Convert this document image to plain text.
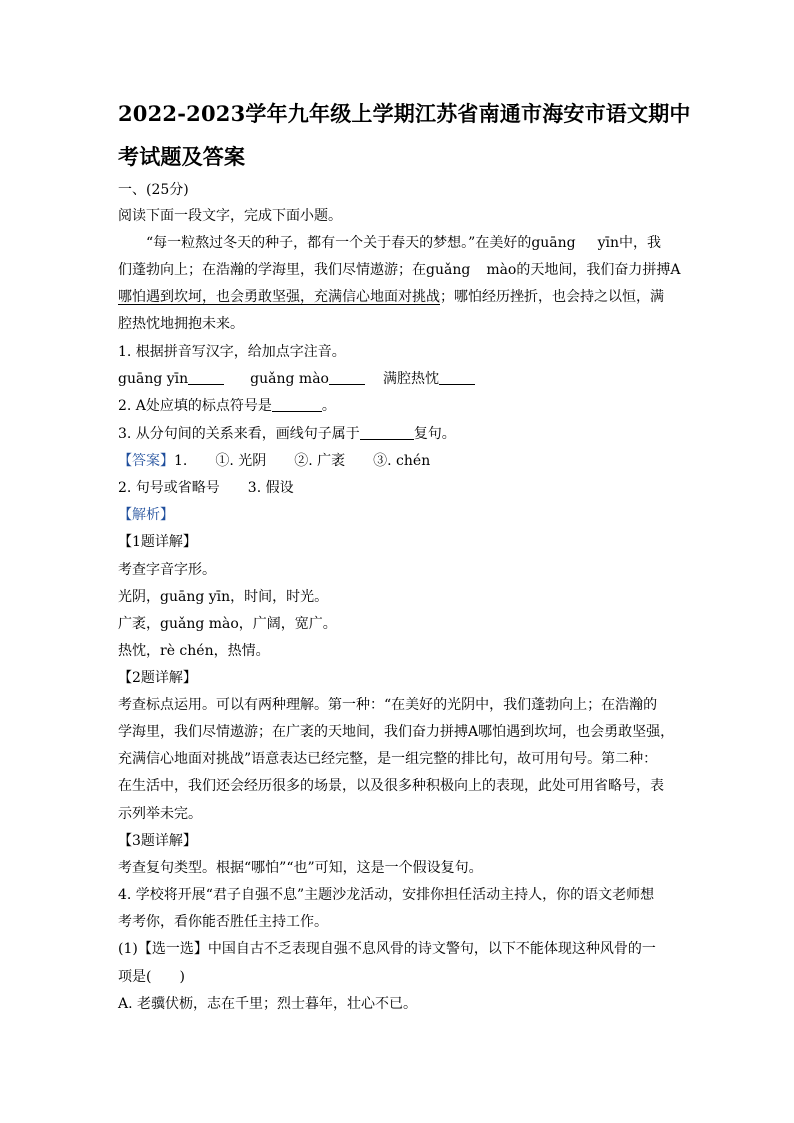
2022-2023学年九年级上学期江苏省南通市海安市语文期中
考试题及答案
一、(25分)
阅读下面一段文字，完成下面小题。
“每一粒熬过冬天的种子，都有一个关于春天的梦想。”在美好的guāng yīn中，我
们蓬勃向上；在浩瀚的学海里，我们尽情遨游；在guǎng mào的天地间，我们奋力拼搏A
哪怕遇到坎坷，也会勇敢坚强，充满信心地面对挑战；哪怕经历挫折，也会持之以恒，满
腔热忱地拥抱未来。
1. 根据拼音写汉字，给加点字注音。
guāng yīn	guǎng mào	满腔热忱
2. A处应填的标点符号是	。
3. 从分句间的关系来看，画线句子属于	复句。
【答案】1.　　①. 光阴　　②. 广袤　　③. chén
2. 句号或省略号　　3. 假设
【解析】
【1题详解】
考查字音字形。
光阴，guāng yīn，时间，时光。
广袤，guǎng mào，广阔，宽广。
热忱，rè chén，热情。
【2题详解】
考查标点运用。可以有两种理解。第一种：“在美好的光阴中，我们蓬勃向上；在浩瀚的
学海里，我们尽情遨游；在广袤的天地间，我们奋力拼搏A哪怕遇到坎坷，也会勇敢坚强，
充满信心地面对挑战”语意表达已经完整，是一组完整的排比句，故可用句号。第二种：
在生活中，我们还会经历很多的场景，以及很多种积极向上的表现，此处可用省略号，表
示列举未完。
【3题详解】
考查复句类型。根据“哪怕”“也”可知，这是一个假设复句。
4. 学校将开展“君子自强不息”主题沙龙活动，安排你担任活动主持人，你的语文老师想
考考你，看你能否胜任主持工作。
(1)【选一选】中国自古不乏表现自强不息风骨的诗文警句，以下不能体现这种风骨的一
项是(　　)
A. 老骥伏枥，志在千里；烈士暮年，壮心不已。
